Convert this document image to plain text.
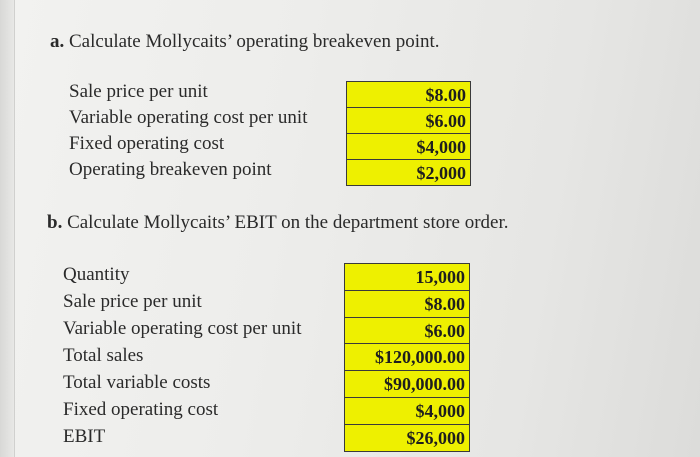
a. Calculate Mollycaits’ operating breakeven point.
Sale price per unit
Variable operating cost per unit
Fixed operating cost
Operating breakeven point
$8.00
$6.00
$4,000
$2,000
b. Calculate Mollycaits’ EBIT on the department store order.
Quantity
Sale price per unit
Variable operating cost per unit
Total sales
Total variable costs
Fixed operating cost
EBIT
15,000
$8.00
$6.00
$120,000.00
$90,000.00
$4,000
$26,000
